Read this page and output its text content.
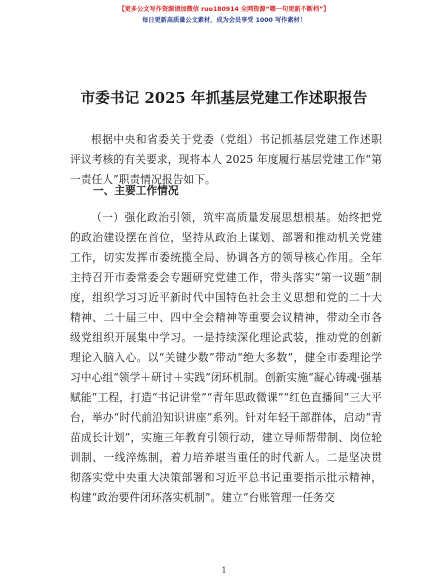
【更多公文写作资源请加微信 ruo180914 全网资源“哪一句更新不断档”】
每日更新高质量公文素材，成为会员享受 1000 写作素材！
市委书记 2025 年抓基层党建工作述职报告

根据中央和省委关于党委（党组）书记抓基层党建工作述职评议考核的有关要求，现将本人 2025 年度履行基层党建工作“第一责任人”职责情况报告如下。

一、主要工作情况

（一）强化政治引领，筑牢高质量发展思想根基。始终把党的政治建设摆在首位，坚持从政治上谋划、部署和推动机关党建工作，切实发挥市委统揽全局、协调各方的领导核心作用。全年主持召开市委常委会专题研究党建工作，带头落实“第一议题”制度，组织学习习近平新时代中国特色社会主义思想和党的二十大精神、二十届三中、四中全会精神等重要会议精神，带动全市各级党组织开展集中学习。一是持续深化理论武装，推动党的创新理论入脑入心。以“关键少数”带动“绝大多数”，健全市委理论学习中心组“领学＋研讨＋实践”闭环机制。创新实施“凝心铸魂·强基赋能”工程，打造“书记讲堂”“青年思政微课”“红色直播间”三大平台，举办“时代前沿知识讲座”系列。针对年轻干部群体，启动“青苗成长计划”，实施三年教育引领行动，建立导师帮带制、岗位轮训制、一线淬炼制，着力培养堪当重任的时代新人。二是坚决贯彻落实党中央重大决策部署和习近平总书记重要指示批示精神，构建“政治要件闭环落实机制”。建立“台账管理一任务交

1
